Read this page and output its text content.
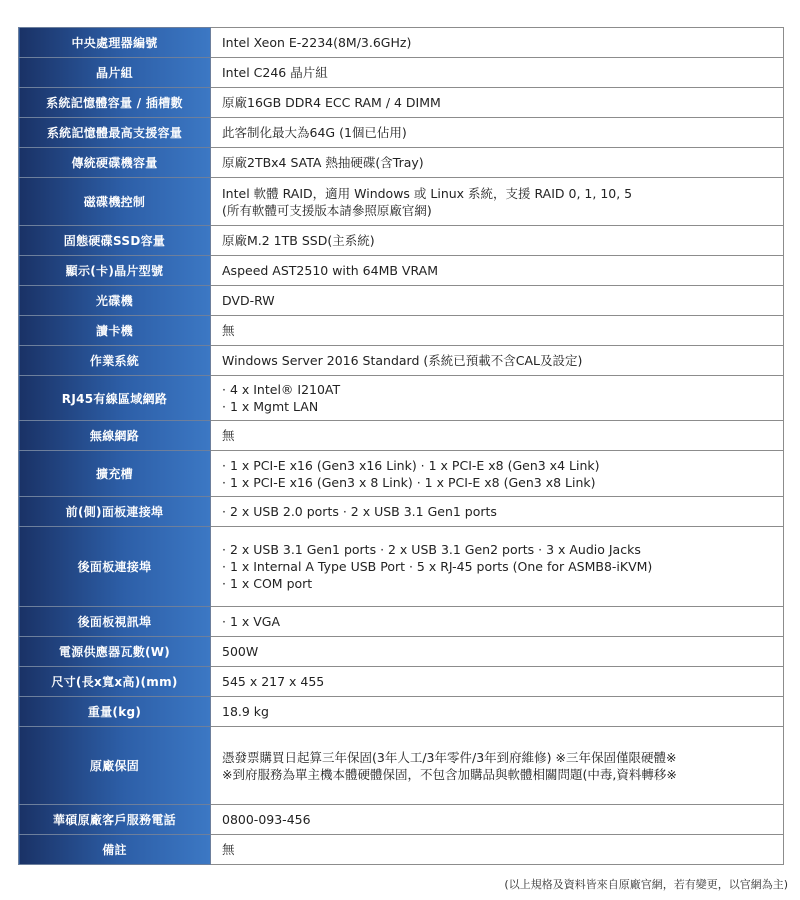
中央處理器編號	Intel Xeon E-2234(8M/3.6GHz)

晶片組	Intel C246 晶片組

系統記憶體容量 / 插槽數	原廠16GB DDR4 ECC RAM / 4 DIMM

系統記憶體最高支援容量	此客制化最大為64G (1個已佔用)

傳統硬碟機容量	原廠2TBx4 SATA 熱抽硬碟(含Tray)

磁碟機控制	Intel 軟體 RAID，適用 Windows 或 Linux 系統，支援 RAID 0, 1, 10, 5
(所有軟體可支援版本請參照原廠官網)

固態硬碟SSD容量	原廠M.2 1TB SSD(主系統)

顯示(卡)晶片型號	Aspeed AST2510 with 64MB VRAM

光碟機	DVD-RW

讀卡機	無

作業系統	Windows Server 2016 Standard (系統已預載不含CAL及設定)

RJ45有線區域網路	· 4 x Intel® I210AT
· 1 x Mgmt LAN

無線網路	無

擴充槽	· 1 x PCI-E x16 (Gen3 x16 Link) · 1 x PCI-E x8 (Gen3 x4 Link)
· 1 x PCI-E x16 (Gen3 x 8 Link) · 1 x PCI-E x8 (Gen3 x8 Link)

前(側)面板連接埠	· 2 x USB 2.0 ports · 2 x USB 3.1 Gen1 ports

後面板連接埠	· 2 x USB 3.1 Gen1 ports · 2 x USB 3.1 Gen2 ports · 3 x Audio Jacks
· 1 x Internal A Type USB Port · 5 x RJ-45 ports (One for ASMB8-iKVM)
· 1 x COM port

後面板視訊埠	· 1 x VGA

電源供應器瓦數(W)	500W

尺寸(長x寬x高)(mm)	545 x 217 x 455

重量(kg)	18.9 kg

原廠保固	憑發票購買日起算三年保固(3年人工/3年零件/3年到府維修) ※三年保固僅限硬體※
※到府服務為單主機本體硬體保固，不包含加購品與軟體相關問題(中毒,資料轉移※

華碩原廠客戶服務電話	0800-093-456

備註	無
(以上規格及資料皆來自原廠官網，若有變更，以官網為主)
